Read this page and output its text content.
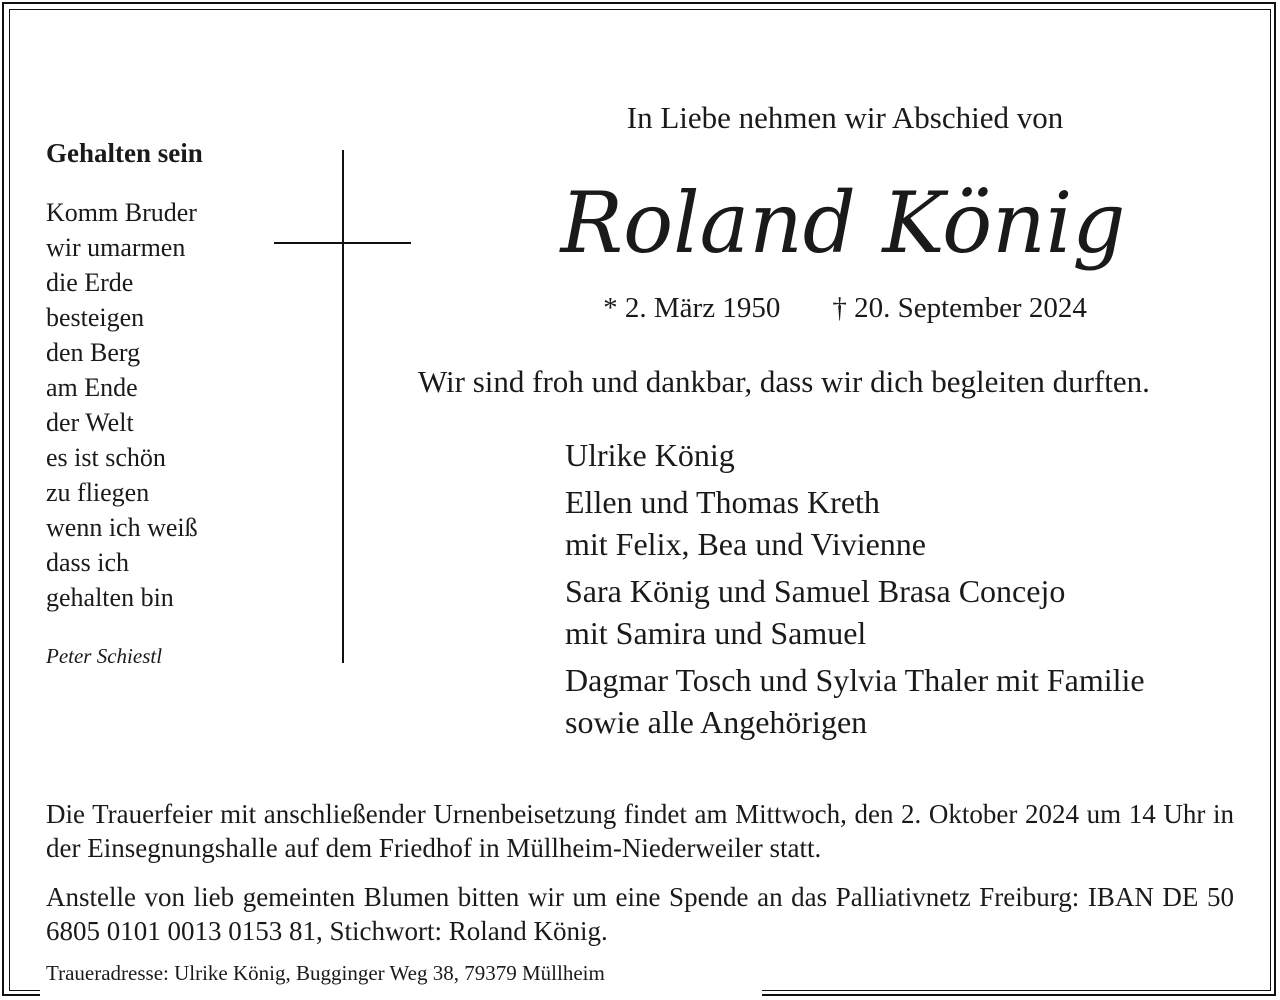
Gehalten sein
Komm Bruder
wir umarmen
die Erde
besteigen
den Berg
am Ende
der Welt
es ist schön
zu fliegen
wenn ich weiß
dass ich
gehalten bin
Peter Schiestl
In Liebe nehmen wir Abschied von
Roland König
* 2. März 1950 † 20. September 2024
Wir sind froh und dankbar, dass wir dich begleiten durften.
Ulrike König
Ellen und Thomas Kreth
mit Felix, Bea und Vivienne
Sara König und Samuel Brasa Concejo
mit Samira und Samuel
Dagmar Tosch und Sylvia Thaler mit Familie
sowie alle Angehörigen

Die Trauerfeier mit anschließender Urnenbeisetzung findet am Mittwoch, den 2. Oktober 2024 um 14 Uhr in der Einsegnungshalle auf dem Friedhof in Müllheim-Niederweiler statt.

Anstelle von lieb gemeinten Blumen bitten wir um eine Spende an das Palliativnetz Freiburg: IBAN DE 50 6805 0101 0013 0153 81, Stichwort: Roland König.

Traueradresse: Ulrike König, Bugginger Weg 38, 79379 Müllheim
